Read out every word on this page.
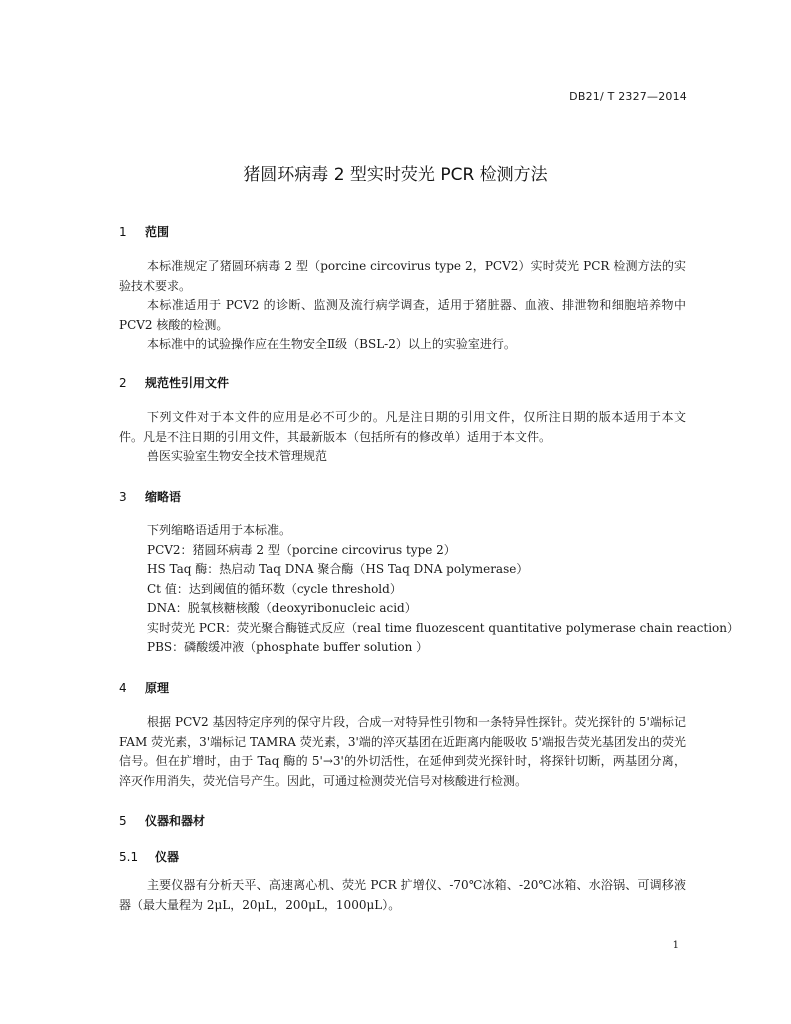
DB21/ T 2327—2014
猪圆环病毒 2 型实时荧光 PCR 检测方法
1 范围

本标准规定了猪圆环病毒 2 型（porcine circovirus type 2，PCV2）实时荧光 PCR 检测方法的实验技术要求。

本标准适用于 PCV2 的诊断、监测及流行病学调查，适用于猪脏器、血液、排泄物和细胞培养物中PCV2 核酸的检测。

本标准中的试验操作应在生物安全Ⅱ级（BSL-2）以上的实验室进行。

2 规范性引用文件

下列文件对于本文件的应用是必不可少的。凡是注日期的引用文件，仅所注日期的版本适用于本文件。凡是不注日期的引用文件，其最新版本（包括所有的修改单）适用于本文件。

兽医实验室生物安全技术管理规范

3 缩略语

下列缩略语适用于本标准。

PCV2：猪圆环病毒 2 型（porcine circovirus type 2）

HS Taq 酶：热启动 Taq DNA 聚合酶（HS Taq DNA polymerase）

Ct 值：达到阈值的循环数（cycle threshold）

DNA：脱氧核糖核酸（deoxyribonucleic acid）

实时荧光 PCR：荧光聚合酶链式反应（real time fluozescent quantitative polymerase chain reaction）

PBS：磷酸缓冲液（phosphate buffer solution ）

4 原理

根据 PCV2 基因特定序列的保守片段，合成一对特异性引物和一条特异性探针。荧光探针的 5'端标记 FAM 荧光素，3'端标记 TAMRA 荧光素，3'端的淬灭基团在近距离内能吸收 5'端报告荧光基团发出的荧光信号。但在扩增时，由于 Taq 酶的 5'→3'的外切活性，在延伸到荧光探针时，将探针切断，两基团分离，淬灭作用消失，荧光信号产生。因此，可通过检测荧光信号对核酸进行检测。

5 仪器和器材
5.1 仪器

主要仪器有分析天平、高速离心机、荧光 PCR 扩增仪、-70℃冰箱、-20℃冰箱、水浴锅、可调移液器（最大量程为 2μL，20μL，200μL，1000μL）。

1
